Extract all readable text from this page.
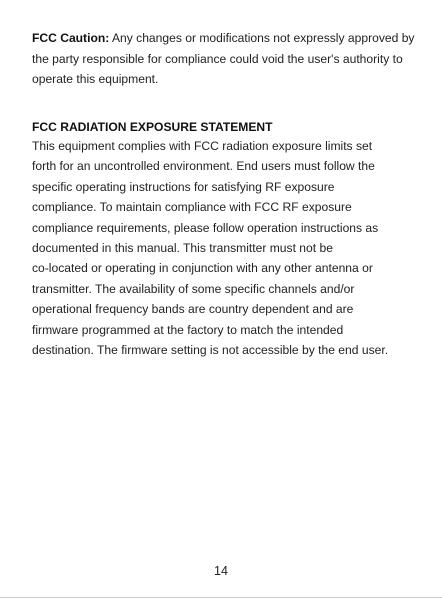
FCC Caution: Any changes or modifications not expressly approved by the party responsible for compliance could void the user's authority to operate this equipment.

FCC RADIATION EXPOSURE STATEMENT

This equipment complies with FCC radiation exposure limits set
forth for an uncontrolled environment. End users must follow the
specific operating instructions for satisfying RF exposure
compliance. To maintain compliance with FCC RF exposure
compliance requirements, please follow operation instructions as
documented in this manual. This transmitter must not be
co-located or operating in conjunction with any other antenna or
transmitter. The availability of some specific channels and/or
operational frequency bands are country dependent and are
firmware programmed at the factory to match the intended
destination. The firmware setting is not accessible by the end user.

14
